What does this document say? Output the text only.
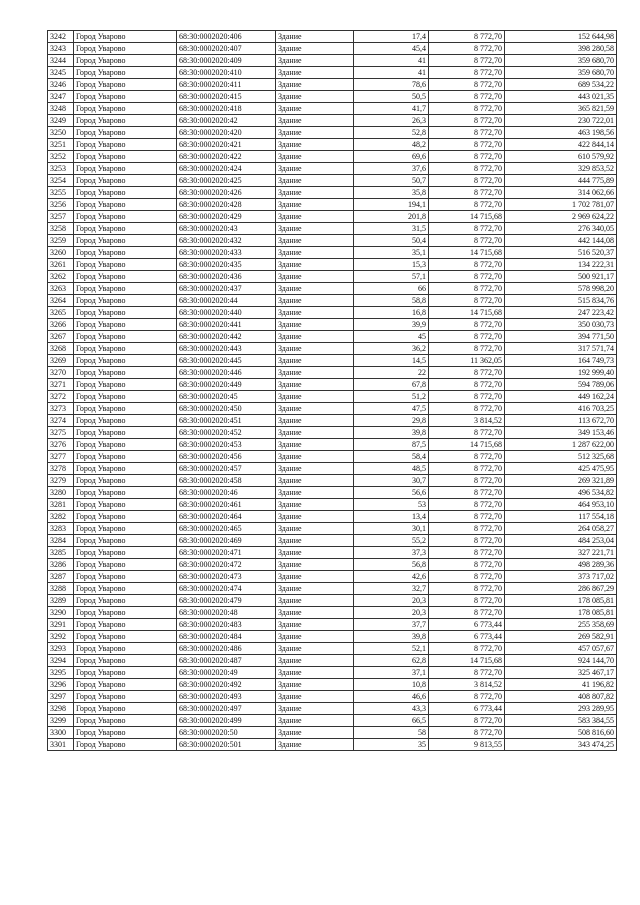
3242	Город Уварово	68:30:0002020:406	Здание	17,4	8 772,70	152 644,98
3243	Город Уварово	68:30:0002020:407	Здание	45,4	8 772,70	398 280,58
3244	Город Уварово	68:30:0002020:409	Здание	41	8 772,70	359 680,70
3245	Город Уварово	68:30:0002020:410	Здание	41	8 772,70	359 680,70
3246	Город Уварово	68:30:0002020:411	Здание	78,6	8 772,70	689 534,22
3247	Город Уварово	68:30:0002020:415	Здание	50,5	8 772,70	443 021,35
3248	Город Уварово	68:30:0002020:418	Здание	41,7	8 772,70	365 821,59
3249	Город Уварово	68:30:0002020:42	Здание	26,3	8 772,70	230 722,01
3250	Город Уварово	68:30:0002020:420	Здание	52,8	8 772,70	463 198,56
3251	Город Уварово	68:30:0002020:421	Здание	48,2	8 772,70	422 844,14
3252	Город Уварово	68:30:0002020:422	Здание	69,6	8 772,70	610 579,92
3253	Город Уварово	68:30:0002020:424	Здание	37,6	8 772,70	329 853,52
3254	Город Уварово	68:30:0002020:425	Здание	50,7	8 772,70	444 775,89
3255	Город Уварово	68:30:0002020:426	Здание	35,8	8 772,70	314 062,66
3256	Город Уварово	68:30:0002020:428	Здание	194,1	8 772,70	1 702 781,07
3257	Город Уварово	68:30:0002020:429	Здание	201,8	14 715,68	2 969 624,22
3258	Город Уварово	68:30:0002020:43	Здание	31,5	8 772,70	276 340,05
3259	Город Уварово	68:30:0002020:432	Здание	50,4	8 772,70	442 144,08
3260	Город Уварово	68:30:0002020:433	Здание	35,1	14 715,68	516 520,37
3261	Город Уварово	68:30:0002020:435	Здание	15,3	8 772,70	134 222,31
3262	Город Уварово	68:30:0002020:436	Здание	57,1	8 772,70	500 921,17
3263	Город Уварово	68:30:0002020:437	Здание	66	8 772,70	578 998,20
3264	Город Уварово	68:30:0002020:44	Здание	58,8	8 772,70	515 834,76
3265	Город Уварово	68:30:0002020:440	Здание	16,8	14 715,68	247 223,42
3266	Город Уварово	68:30:0002020:441	Здание	39,9	8 772,70	350 030,73
3267	Город Уварово	68:30:0002020:442	Здание	45	8 772,70	394 771,50
3268	Город Уварово	68:30:0002020:443	Здание	36,2	8 772,70	317 571,74
3269	Город Уварово	68:30:0002020:445	Здание	14,5	11 362,05	164 749,73
3270	Город Уварово	68:30:0002020:446	Здание	22	8 772,70	192 999,40
3271	Город Уварово	68:30:0002020:449	Здание	67,8	8 772,70	594 789,06
3272	Город Уварово	68:30:0002020:45	Здание	51,2	8 772,70	449 162,24
3273	Город Уварово	68:30:0002020:450	Здание	47,5	8 772,70	416 703,25
3274	Город Уварово	68:30:0002020:451	Здание	29,8	3 814,52	113 672,70
3275	Город Уварово	68:30:0002020:452	Здание	39,8	8 772,70	349 153,46
3276	Город Уварово	68:30:0002020:453	Здание	87,5	14 715,68	1 287 622,00
3277	Город Уварово	68:30:0002020:456	Здание	58,4	8 772,70	512 325,68
3278	Город Уварово	68:30:0002020:457	Здание	48,5	8 772,70	425 475,95
3279	Город Уварово	68:30:0002020:458	Здание	30,7	8 772,70	269 321,89
3280	Город Уварово	68:30:0002020:46	Здание	56,6	8 772,70	496 534,82
3281	Город Уварово	68:30:0002020:461	Здание	53	8 772,70	464 953,10
3282	Город Уварово	68:30:0002020:464	Здание	13,4	8 772,70	117 554,18
3283	Город Уварово	68:30:0002020:465	Здание	30,1	8 772,70	264 058,27
3284	Город Уварово	68:30:0002020:469	Здание	55,2	8 772,70	484 253,04
3285	Город Уварово	68:30:0002020:471	Здание	37,3	8 772,70	327 221,71
3286	Город Уварово	68:30:0002020:472	Здание	56,8	8 772,70	498 289,36
3287	Город Уварово	68:30:0002020:473	Здание	42,6	8 772,70	373 717,02
3288	Город Уварово	68:30:0002020:474	Здание	32,7	8 772,70	286 867,29
3289	Город Уварово	68:30:0002020:479	Здание	20,3	8 772,70	178 085,81
3290	Город Уварово	68:30:0002020:48	Здание	20,3	8 772,70	178 085,81
3291	Город Уварово	68:30:0002020:483	Здание	37,7	6 773,44	255 358,69
3292	Город Уварово	68:30:0002020:484	Здание	39,8	6 773,44	269 582,91
3293	Город Уварово	68:30:0002020:486	Здание	52,1	8 772,70	457 057,67
3294	Город Уварово	68:30:0002020:487	Здание	62,8	14 715,68	924 144,70
3295	Город Уварово	68:30:0002020:49	Здание	37,1	8 772,70	325 467,17
3296	Город Уварово	68:30:0002020:492	Здание	10,8	3 814,52	41 196,82
3297	Город Уварово	68:30:0002020:493	Здание	46,6	8 772,70	408 807,82
3298	Город Уварово	68:30:0002020:497	Здание	43,3	6 773,44	293 289,95
3299	Город Уварово	68:30:0002020:499	Здание	66,5	8 772,70	583 384,55
3300	Город Уварово	68:30:0002020:50	Здание	58	8 772,70	508 816,60
3301	Город Уварово	68:30:0002020:501	Здание	35	9 813,55	343 474,25
